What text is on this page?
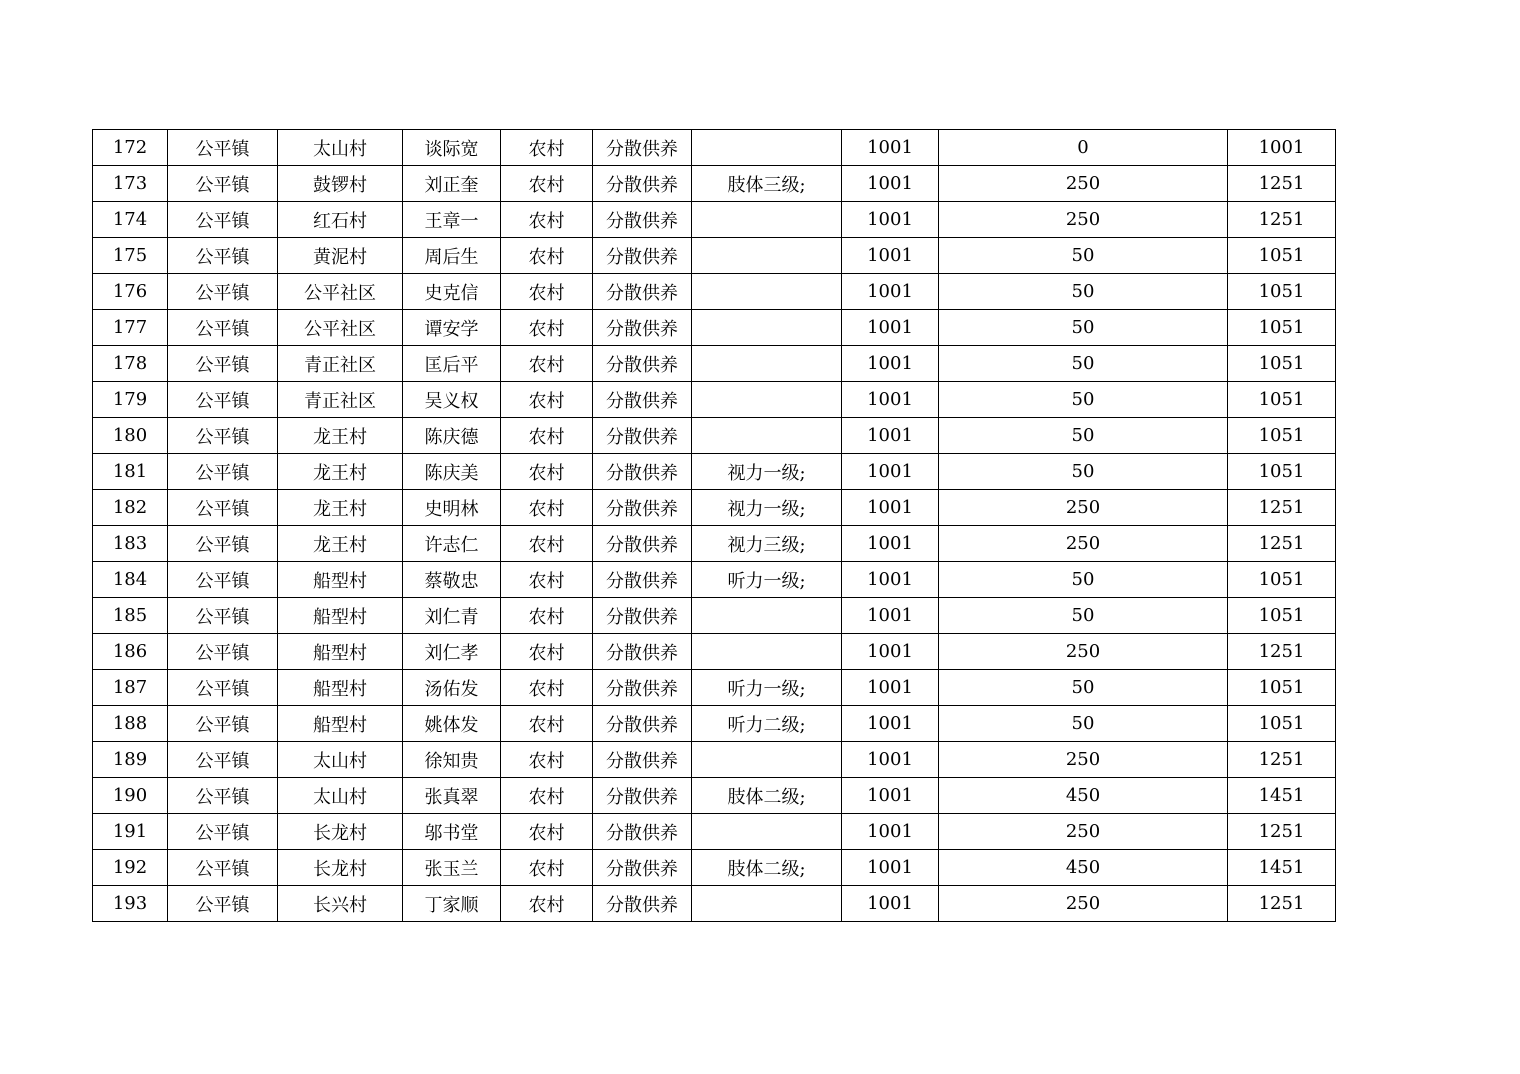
172	公平镇	太山村	谈际宽	农村	分散供养		1001	0	1001
173	公平镇	鼓锣村	刘正奎	农村	分散供养	肢体三级;	1001	250	1251
174	公平镇	红石村	王章一	农村	分散供养		1001	250	1251
175	公平镇	黄泥村	周后生	农村	分散供养		1001	50	1051
176	公平镇	公平社区	史克信	农村	分散供养		1001	50	1051
177	公平镇	公平社区	谭安学	农村	分散供养		1001	50	1051
178	公平镇	青正社区	匡后平	农村	分散供养		1001	50	1051
179	公平镇	青正社区	吴义权	农村	分散供养		1001	50	1051
180	公平镇	龙王村	陈庆德	农村	分散供养		1001	50	1051
181	公平镇	龙王村	陈庆美	农村	分散供养	视力一级;	1001	50	1051
182	公平镇	龙王村	史明林	农村	分散供养	视力一级;	1001	250	1251
183	公平镇	龙王村	许志仁	农村	分散供养	视力三级;	1001	250	1251
184	公平镇	船型村	蔡敬忠	农村	分散供养	听力一级;	1001	50	1051
185	公平镇	船型村	刘仁青	农村	分散供养		1001	50	1051
186	公平镇	船型村	刘仁孝	农村	分散供养		1001	250	1251
187	公平镇	船型村	汤佑发	农村	分散供养	听力一级;	1001	50	1051
188	公平镇	船型村	姚体发	农村	分散供养	听力二级;	1001	50	1051
189	公平镇	太山村	徐知贵	农村	分散供养		1001	250	1251
190	公平镇	太山村	张真翠	农村	分散供养	肢体二级;	1001	450	1451
191	公平镇	长龙村	邬书堂	农村	分散供养		1001	250	1251
192	公平镇	长龙村	张玉兰	农村	分散供养	肢体二级;	1001	450	1451
193	公平镇	长兴村	丁家顺	农村	分散供养		1001	250	1251
